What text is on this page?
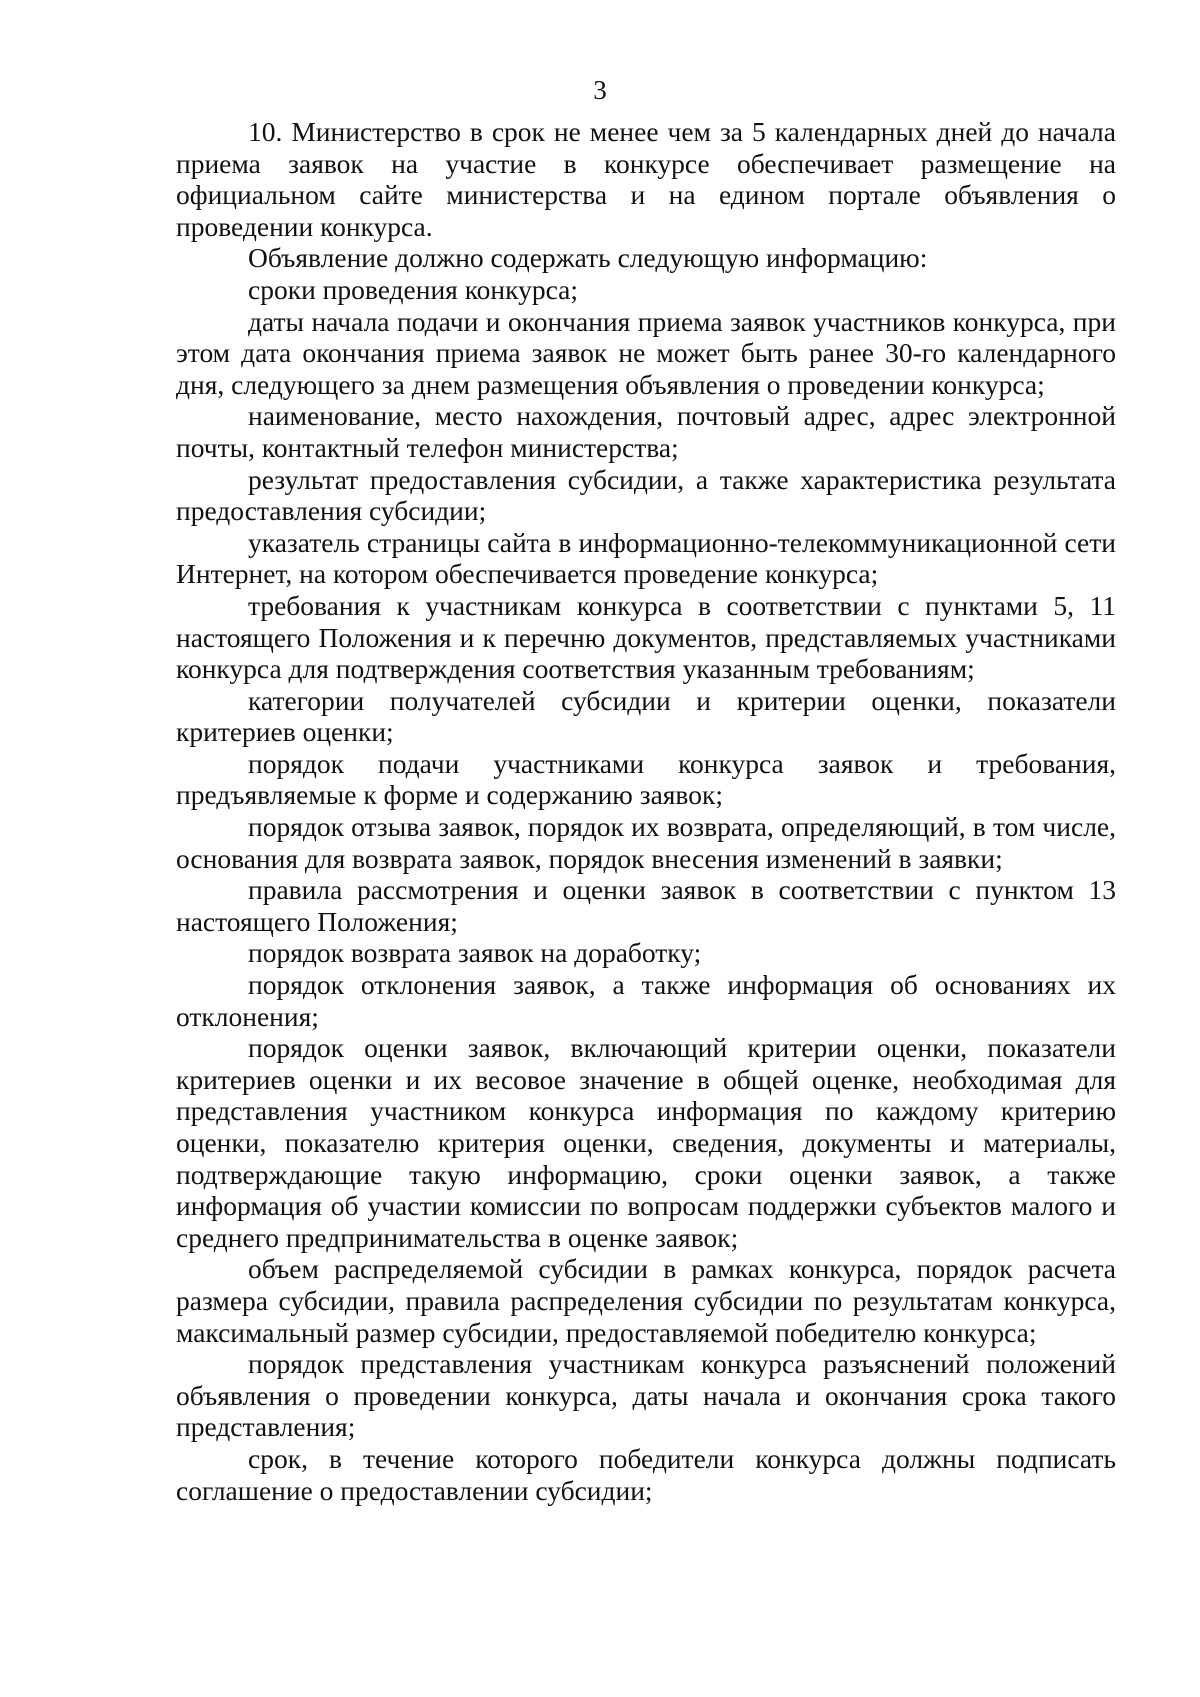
3

10. Министерство в срок не менее чем за 5 календарных дней до начала приема заявок на участие в конкурсе обеспечивает размещение на официальном сайте министерства и на едином портале объявления о проведении конкурса.

Объявление должно содержать следующую информацию:

сроки проведения конкурса;

даты начала подачи и окончания приема заявок участников конкурса, при этом дата окончания приема заявок не может быть ранее 30-го календарного дня, следующего за днем размещения объявления о проведении конкурса;

наименование, место нахождения, почтовый адрес, адрес электронной почты, контактный телефон министерства;

результат предоставления субсидии, а также характеристика результата предоставления субсидии;

указатель страницы сайта в информационно-телекоммуникационной сети Интернет, на котором обеспечивается проведение конкурса;

требования к участникам конкурса в соответствии с пунктами 5, 11 настоящего Положения и к перечню документов, представляемых участниками конкурса для подтверждения соответствия указанным требованиям;

категории получателей субсидии и критерии оценки, показатели критериев оценки;

порядок подачи участниками конкурса заявок и требования, предъявляемые к форме и содержанию заявок;

порядок отзыва заявок, порядок их возврата, определяющий, в том числе, основания для возврата заявок, порядок внесения изменений в заявки;

правила рассмотрения и оценки заявок в соответствии с пунктом 13 настоящего Положения;

порядок возврата заявок на доработку;

порядок отклонения заявок, а также информация об основаниях их отклонения;

порядок оценки заявок, включающий критерии оценки, показатели критериев оценки и их весовое значение в общей оценке, необходимая для представления участником конкурса информация по каждому критерию оценки, показателю критерия оценки, сведения, документы и материалы, подтверждающие такую информацию, сроки оценки заявок, а также информация об участии комиссии по вопросам поддержки субъектов малого и среднего предпринимательства в оценке заявок;

объем распределяемой субсидии в рамках конкурса, порядок расчета размера субсидии, правила распределения субсидии по результатам конкурса, максимальный размер субсидии, предоставляемой победителю конкурса;

порядок представления участникам конкурса разъяснений положений объявления о проведении конкурса, даты начала и окончания срока такого представления;

срок, в течение которого победители конкурса должны подписать соглашение о предоставлении субсидии;
